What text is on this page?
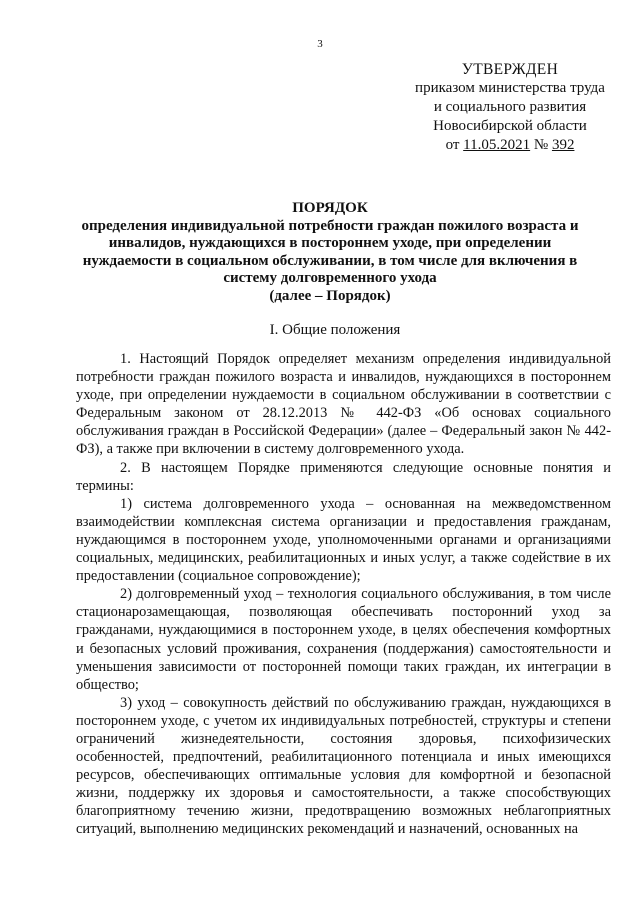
3
УТВЕРЖДЕН
приказом министерства труда
и социального развития
Новосибирской области
от 11.05.2021 № 392
ПОРЯДОК
определения индивидуальной потребности граждан пожилого возраста и
инвалидов, нуждающихся в постороннем уходе, при определении
нуждаемости в социальном обслуживании, в том числе для включения в
систему долговременного ухода
(далее – Порядок)
I. Общие положения

1. Настоящий Порядок определяет механизм определения индивидуальной потребности граждан пожилого возраста и инвалидов, нуждающихся в постороннем уходе, при определении нуждаемости в социальном обслуживании в соответствии с Федеральным законом от 28.12.2013 № 442-ФЗ «Об основах социального обслуживания граждан в Российской Федерации» (далее – Федеральный закон № 442-ФЗ), а также при включении в систему долговременного ухода.

2. В настоящем Порядке применяются следующие основные понятия и термины:

1) система долговременного ухода – основанная на межведомственном взаимодействии комплексная система организации и предоставления гражданам, нуждающимся в постороннем уходе, уполномоченными органами и организациями социальных, медицинских, реабилитационных и иных услуг, а также содействие в их предоставлении (социальное сопровождение);

2) долговременный уход – технология социального обслуживания, в том числе стационарозамещающая, позволяющая обеспечивать посторонний уход за гражданами, нуждающимися в постороннем уходе, в целях обеспечения комфортных и безопасных условий проживания, сохранения (поддержания) самостоятельности и уменьшения зависимости от посторонней помощи таких граждан, их интеграции в общество;

3) уход – совокупность действий по обслуживанию граждан, нуждающихся в постороннем уходе, с учетом их индивидуальных потребностей, структуры и степени ограничений жизнедеятельности, состояния здоровья, психофизических особенностей, предпочтений, реабилитационного потенциала и иных имеющихся ресурсов, обеспечивающих оптимальные условия для комфортной и безопасной жизни, поддержку их здоровья и самостоятельности, а также способствующих благоприятному течению жизни, предотвращению возможных неблагоприятных ситуаций, выполнению медицинских рекомендаций и назначений, основанных на
